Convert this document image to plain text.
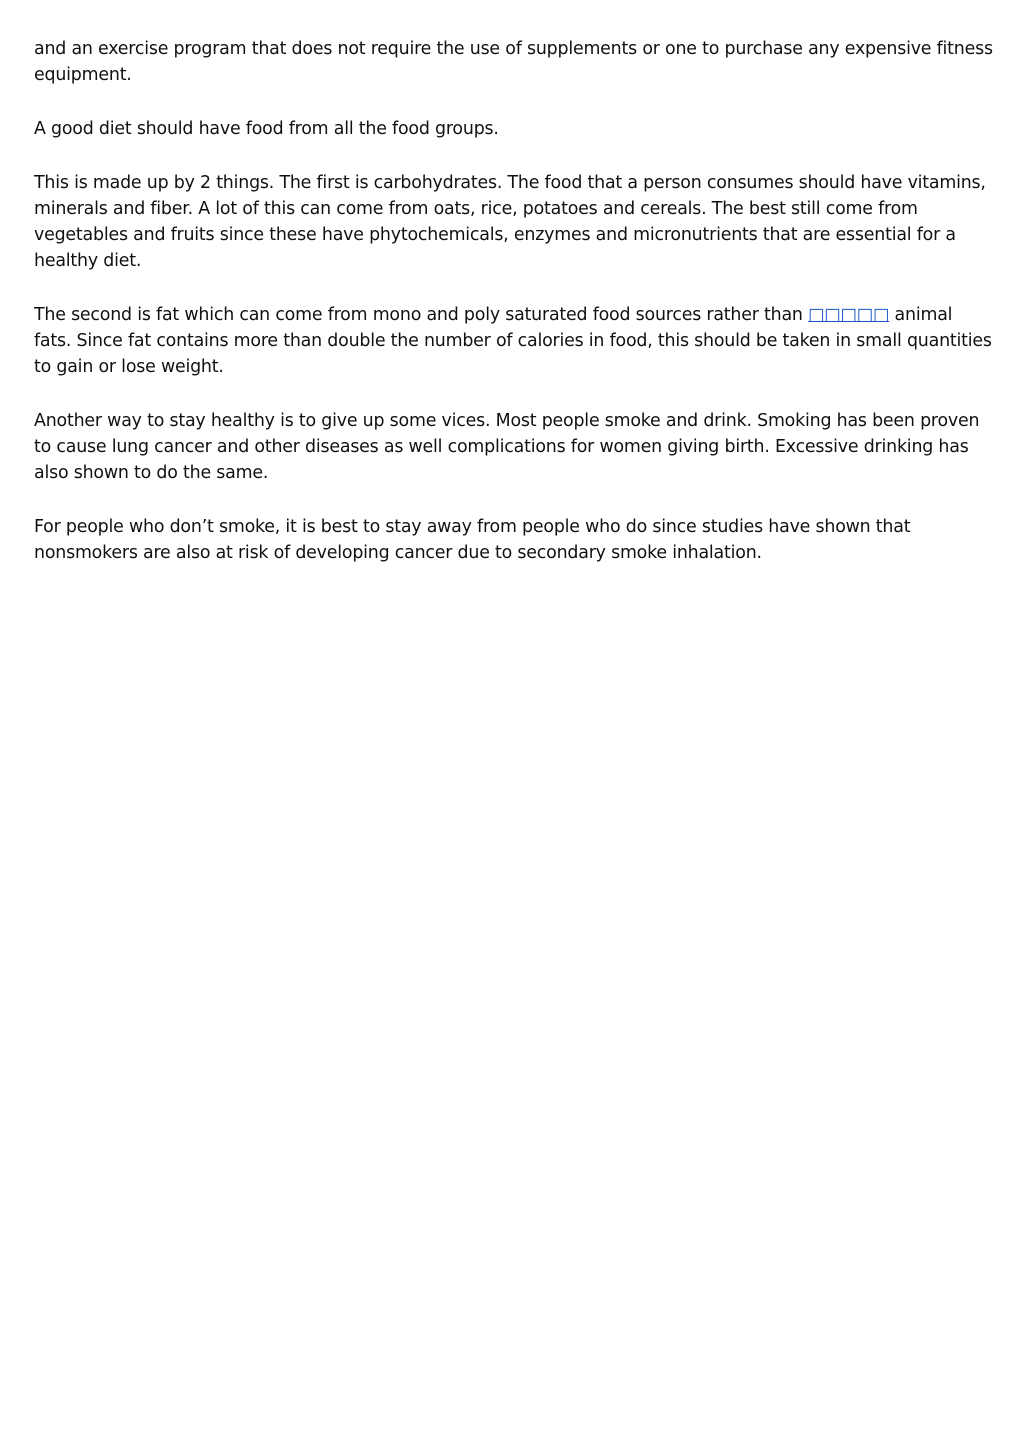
and an exercise program that does not require the use of supplements or one to purchase any expensive fitness equipment.

A good diet should have food from all the food groups.

This is made up by 2 things. The first is carbohydrates. The food that a person consumes should have vitamins, minerals and fiber. A lot of this can come from oats, rice, potatoes and cereals. The best still come from vegetables and fruits since these have phytochemicals, enzymes and micronutrients that are essential for a healthy diet.

The second is fat which can come from mono and poly saturated food sources rather than □□□□□ animal fats. Since fat contains more than double the number of calories in food, this should be taken in small quantities to gain or lose weight.

Another way to stay healthy is to give up some vices. Most people smoke and drink. Smoking has been proven to cause lung cancer and other diseases as well complications for women giving birth. Excessive drinking has also shown to do the same.

For people who don’t smoke, it is best to stay away from people who do since studies have shown that nonsmokers are also at risk of developing cancer due to secondary smoke inhalation.
